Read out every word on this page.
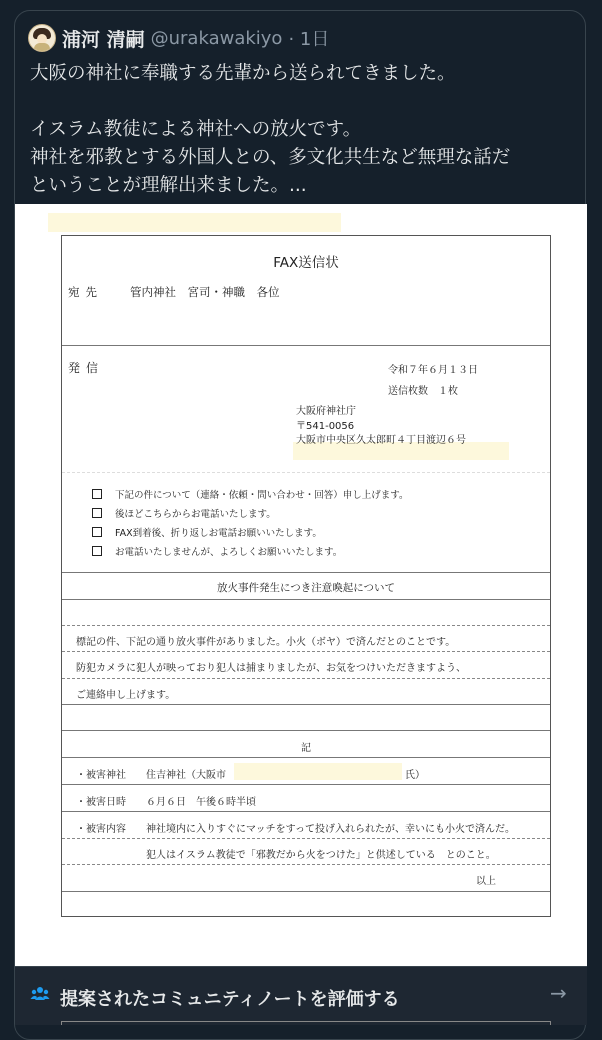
浦河 清嗣 @urakawakiyo · 1日
大阪の神社に奉職する先輩から送られてきました。

イスラム教徒による神社への放火です。
神社を邪教とする外国人との、多文化共生など無理な話だ
ということが理解出来ました。...
FAX送信状
宛先 管内神社　宮司・神職　各位
発信	令和７年６月１３日
送信枚数　１枚
大阪府神社庁
〒541-0056
大阪市中央区久太郎町４丁目渡辺６号
下記の件について（連絡・依頼・問い合わせ・回答）申し上げます。
後ほどこちらからお電話いたします。
FAX到着後、折り返しお電話お願いいたします。
お電話いたしませんが、よろしくお願いいたします。
放火事件発生につき注意喚起について
標記の件、下記の通り放火事件がありました。小火（ボヤ）で済んだとのことです。
防犯カメラに犯人が映っており犯人は捕まりましたが、お気をつけいただきますよう、
ご連絡申し上げます。
記
・被害神社 住吉神社（大阪市	氏）
・被害日時 ６月６日　午後６時半頃
・被害内容 神社境内に入りすぐにマッチをすって投げ入れられたが、幸いにも小火で済んだ。
犯人はイスラム教徒で「邪教だから火をつけた」と供述している　とのこと。
以上
提案されたコミュニティノートを評価する	→
